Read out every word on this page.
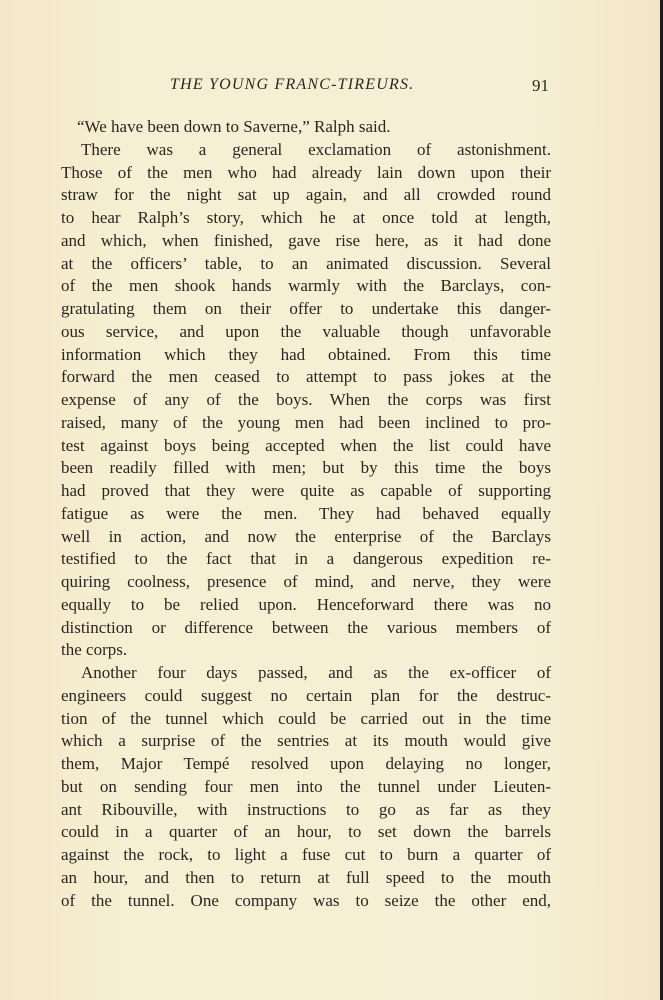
THE YOUNG FRANC-TIREURS.	91
“We have been down to Saverne,” Ralph said.
There was a general exclamation of astonishment.
Those of the men who had already lain down upon their
straw for the night sat up again, and all crowded round
to hear Ralph’s story, which he at once told at length,
and which, when finished, gave rise here, as it had done
at the officers’ table, to an animated discussion. Several
of the men shook hands warmly with the Barclays, con-
gratulating them on their offer to undertake this danger-
ous service, and upon the valuable though unfavorable
information which they had obtained. From this time
forward the men ceased to attempt to pass jokes at the
expense of any of the boys. When the corps was first
raised, many of the young men had been inclined to pro-
test against boys being accepted when the list could have
been readily filled with men; but by this time the boys
had proved that they were quite as capable of supporting
fatigue as were the men. They had behaved equally
well in action, and now the enterprise of the Barclays
testified to the fact that in a dangerous expedition re-
quiring coolness, presence of mind, and nerve, they were
equally to be relied upon. Henceforward there was no
distinction or difference between the various members of
the corps.
Another four days passed, and as the ex-officer of
engineers could suggest no certain plan for the destruc-
tion of the tunnel which could be carried out in the time
which a surprise of the sentries at its mouth would give
them, Major Tempé resolved upon delaying no longer,
but on sending four men into the tunnel under Lieuten-
ant Ribouville, with instructions to go as far as they
could in a quarter of an hour, to set down the barrels
against the rock, to light a fuse cut to burn a quarter of
an hour, and then to return at full speed to the mouth
of the tunnel. One company was to seize the other end,
